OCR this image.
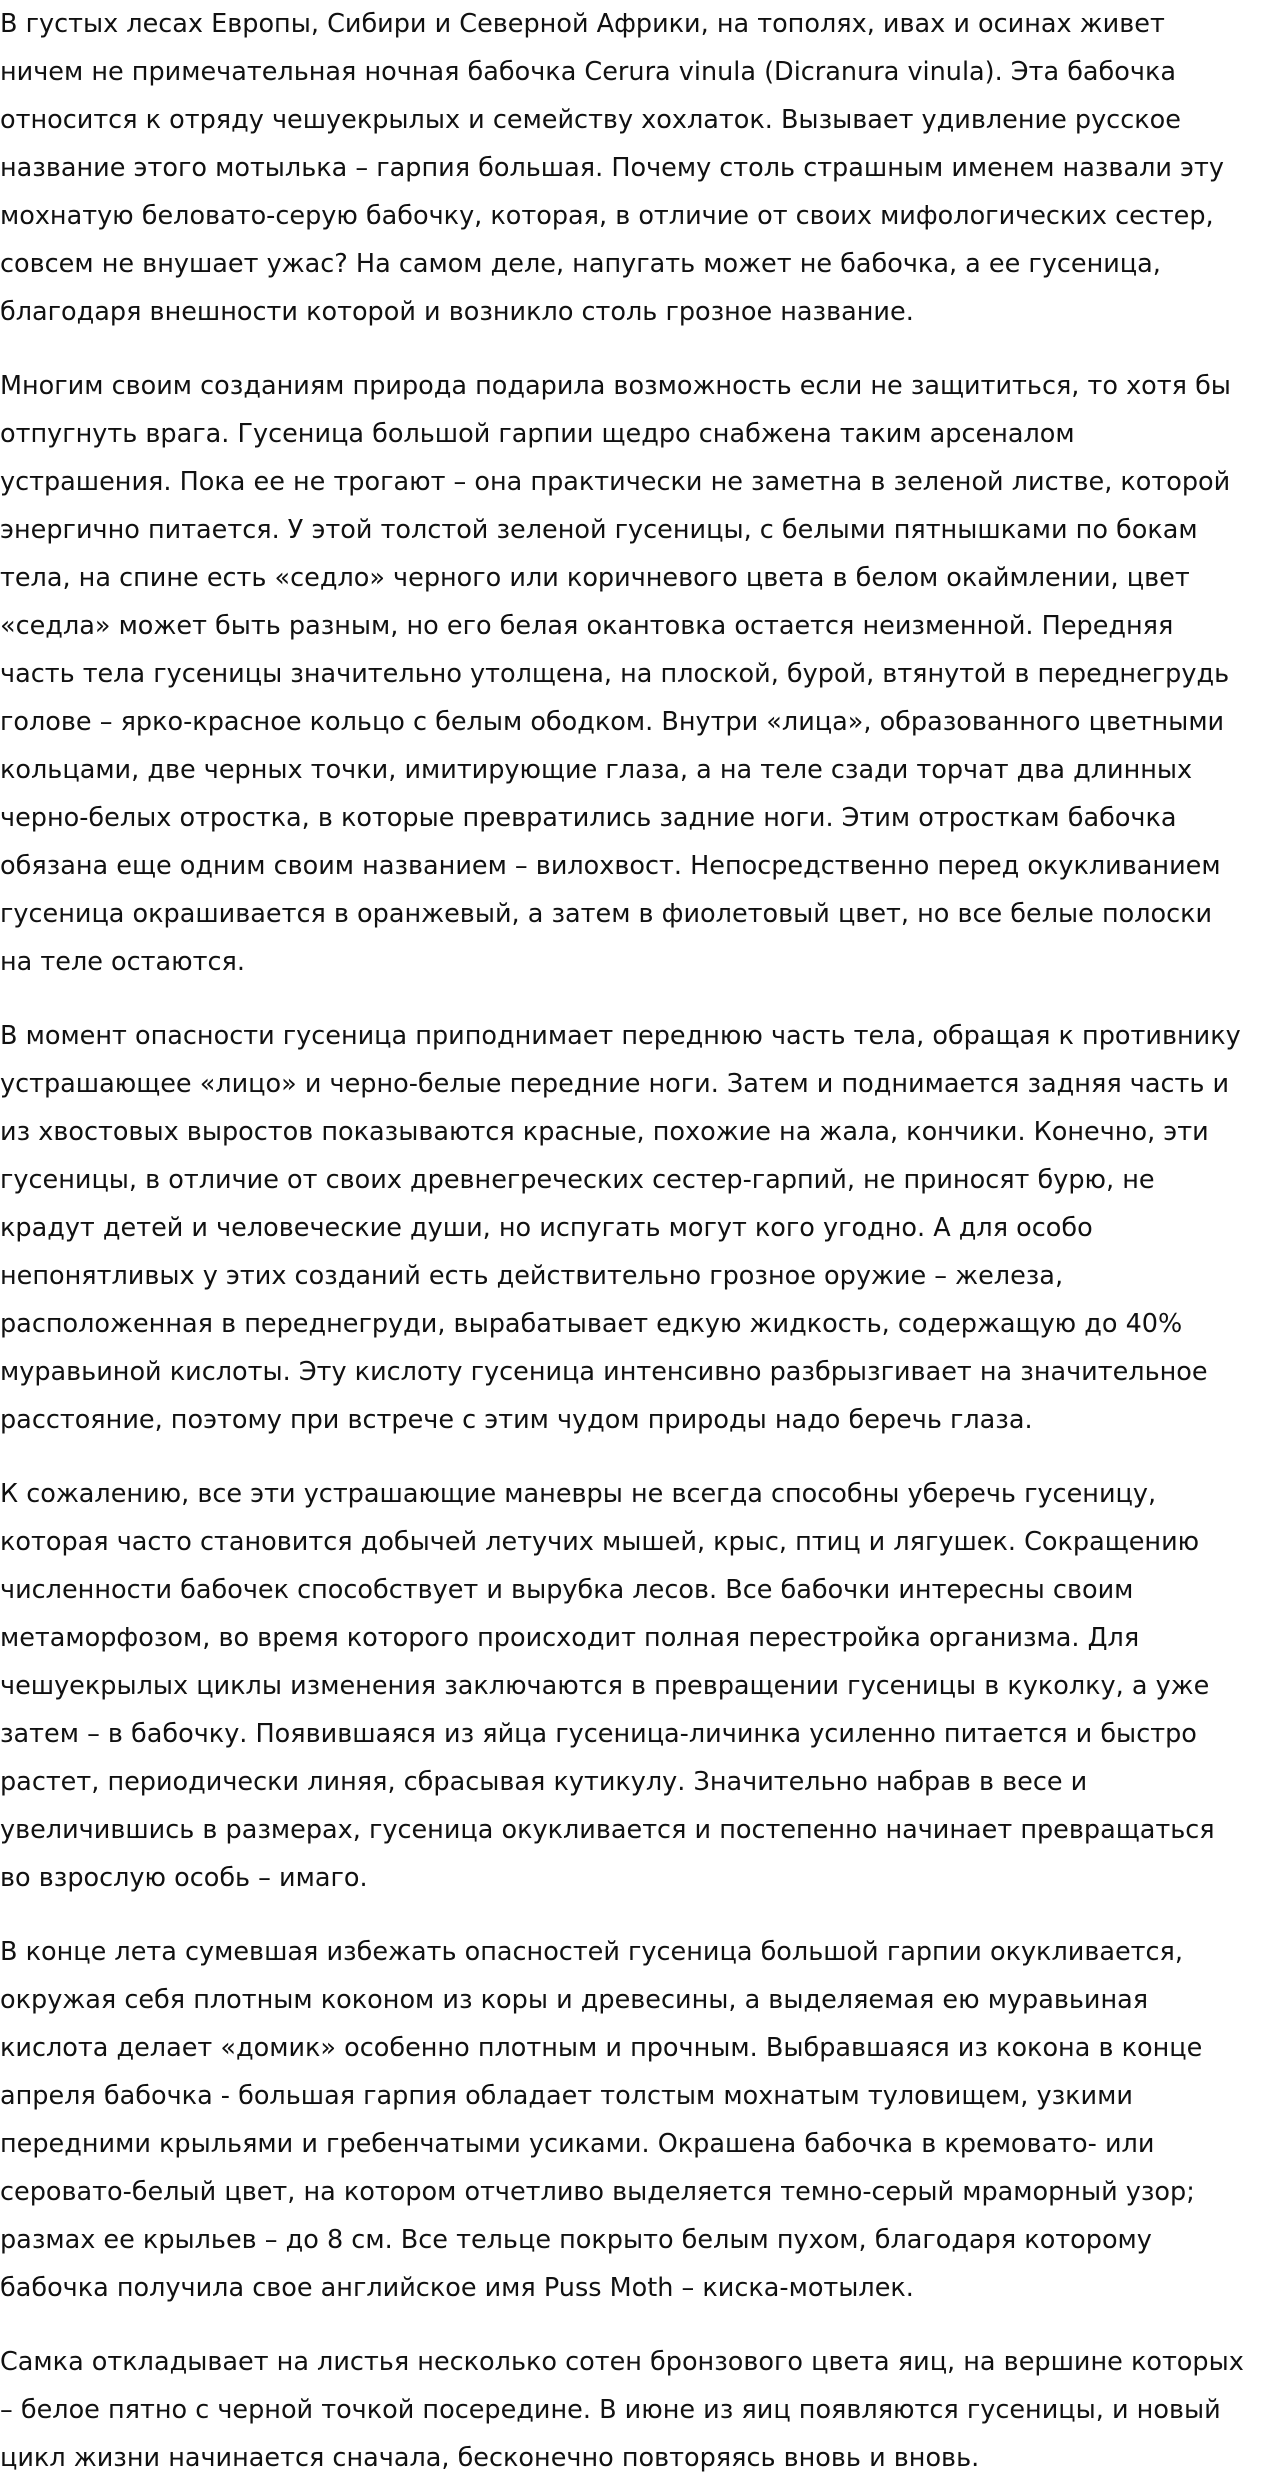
В густых лесах Европы, Сибири и Северной Африки, на тополях, ивах и осинах живет
ничем не примечательная ночная бабочка Cerura vinula (Dicranura vinula). Эта бабочка
относится к отряду чешуекрылых и семейству хохлаток. Вызывает удивление русское
название этого мотылька – гарпия большая. Почему столь страшным именем назвали эту
мохнатую беловато-серую бабочку, которая, в отличие от своих мифологических сестер,
совсем не внушает ужас? На самом деле, напугать может не бабочка, а ее гусеница,
благодаря внешности которой и возникло столь грозное название.

Многим своим созданиям природа подарила возможность если не защититься, то хотя бы
отпугнуть врага. Гусеница большой гарпии щедро снабжена таким арсеналом
устрашения. Пока ее не трогают – она практически не заметна в зеленой листве, которой
энергично питается. У этой толстой зеленой гусеницы, с белыми пятнышками по бокам
тела, на спине есть «седло» черного или коричневого цвета в белом окаймлении, цвет
«седла» может быть разным, но его белая окантовка остается неизменной. Передняя
часть тела гусеницы значительно утолщена, на плоской, бурой, втянутой в переднегрудь
голове – ярко-красное кольцо с белым ободком. Внутри «лица», образованного цветными
кольцами, две черных точки, имитирующие глаза, а на теле сзади торчат два длинных
черно-белых отростка, в которые превратились задние ноги. Этим отросткам бабочка
обязана еще одним своим названием – вилохвост. Непосредственно перед окукливанием
гусеница окрашивается в оранжевый, а затем в фиолетовый цвет, но все белые полоски
на теле остаются.

В момент опасности гусеница приподнимает переднюю часть тела, обращая к противнику
устрашающее «лицо» и черно-белые передние ноги. Затем и поднимается задняя часть и
из хвостовых выростов показываются красные, похожие на жала, кончики. Конечно, эти
гусеницы, в отличие от своих древнегреческих сестер-гарпий, не приносят бурю, не
крадут детей и человеческие души, но испугать могут кого угодно. А для особо
непонятливых у этих созданий есть действительно грозное оружие – железа,
расположенная в переднегруди, вырабатывает едкую жидкость, содержащую до 40%
муравьиной кислоты. Эту кислоту гусеница интенсивно разбрызгивает на значительное
расстояние, поэтому при встрече с этим чудом природы надо беречь глаза.

К сожалению, все эти устрашающие маневры не всегда способны уберечь гусеницу,
которая часто становится добычей летучих мышей, крыс, птиц и лягушек. Сокращению
численности бабочек способствует и вырубка лесов. Все бабочки интересны своим
метаморфозом, во время которого происходит полная перестройка организма. Для
чешуекрылых циклы изменения заключаются в превращении гусеницы в куколку, а уже
затем – в бабочку. Появившаяся из яйца гусеница-личинка усиленно питается и быстро
растет, периодически линяя, сбрасывая кутикулу. Значительно набрав в весе и
увеличившись в размерах, гусеница окукливается и постепенно начинает превращаться
во взрослую особь – имаго.

В конце лета сумевшая избежать опасностей гусеница большой гарпии окукливается,
окружая себя плотным коконом из коры и древесины, а выделяемая ею муравьиная
кислота делает «домик» особенно плотным и прочным. Выбравшаяся из кокона в конце
апреля бабочка - большая гарпия обладает толстым мохнатым туловищем, узкими
передними крыльями и гребенчатыми усиками. Окрашена бабочка в кремовато- или
серовато-белый цвет, на котором отчетливо выделяется темно-серый мраморный узор;
размах ее крыльев – до 8 см. Все тельце покрыто белым пухом, благодаря которому
бабочка получила свое английское имя Puss Moth – киска-мотылек.

Самка откладывает на листья несколько сотен бронзового цвета яиц, на вершине которых
– белое пятно с черной точкой посередине. В июне из яиц появляются гусеницы, и новый
цикл жизни начинается сначала, бесконечно повторяясь вновь и вновь.
